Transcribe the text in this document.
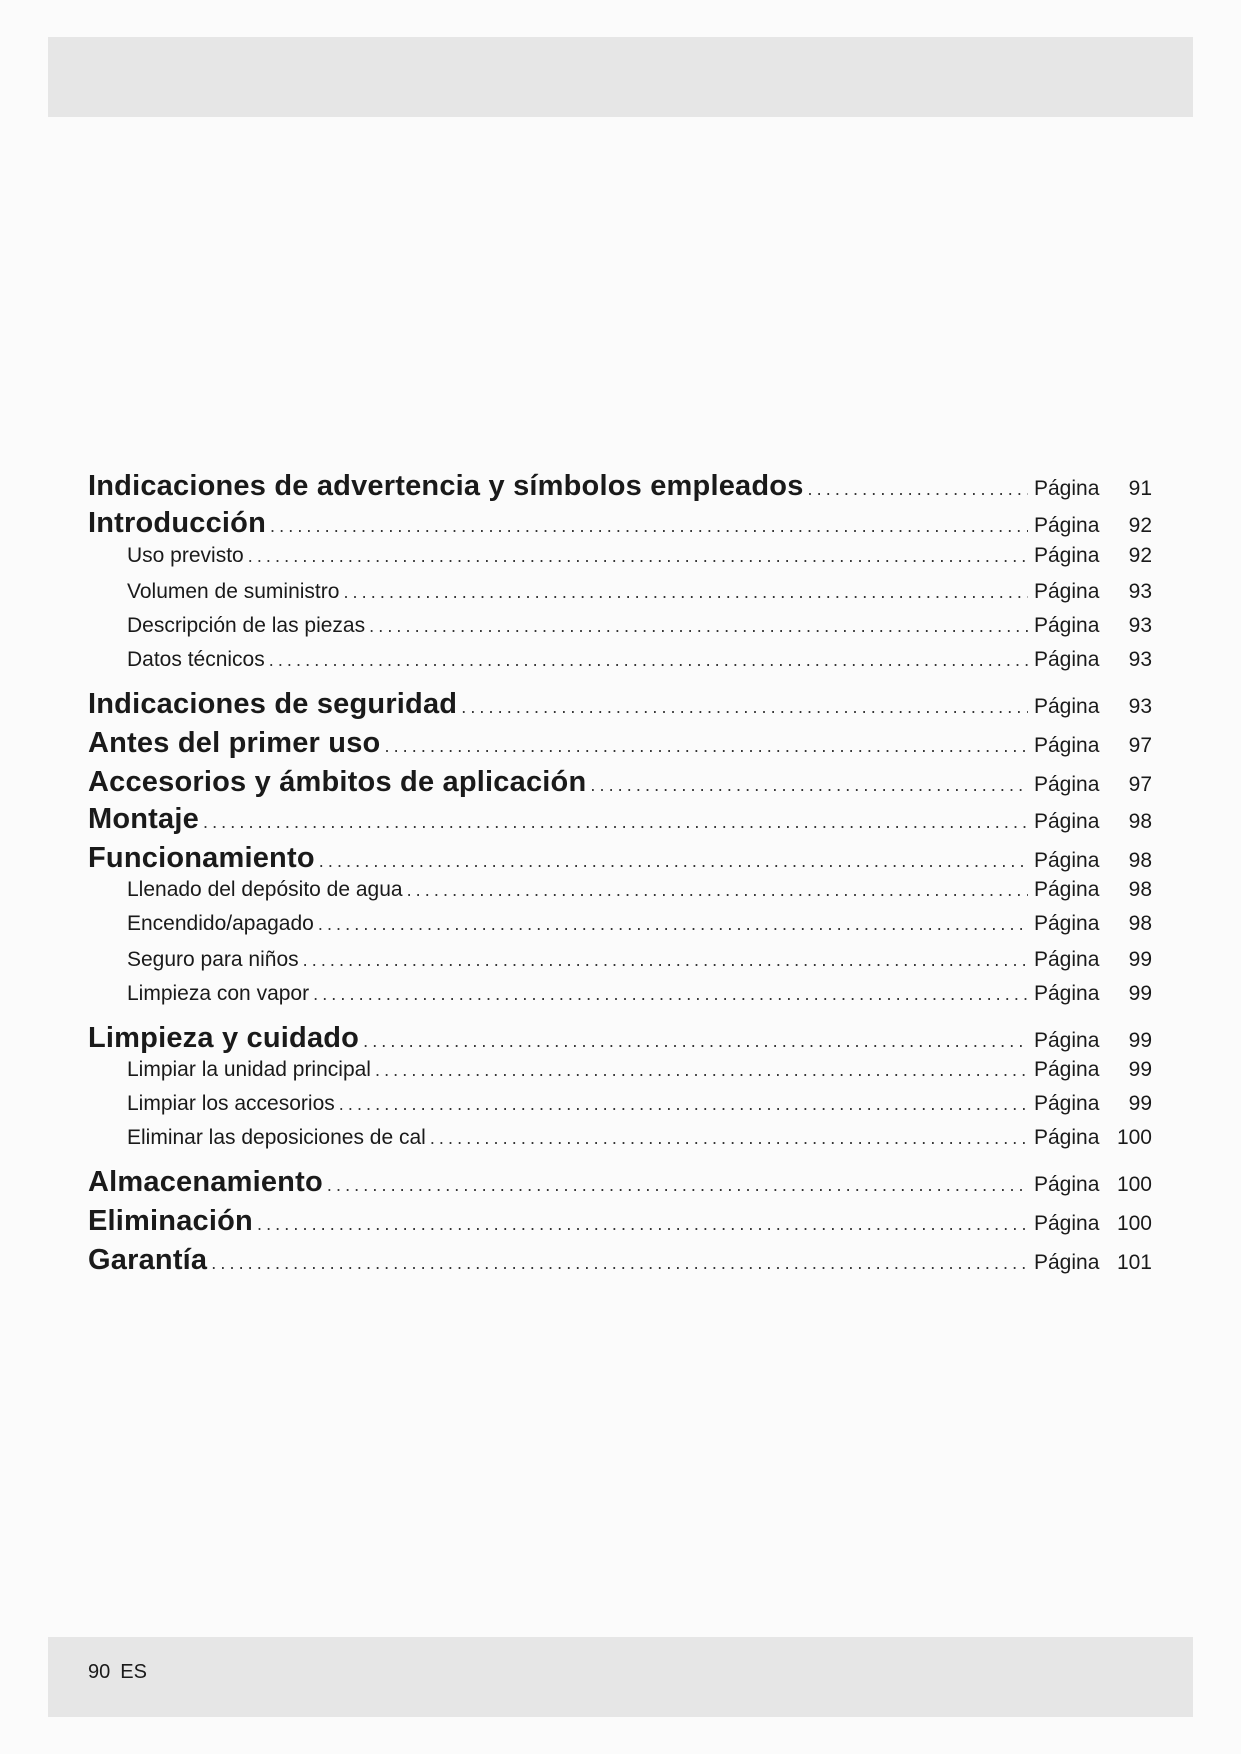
Indicaciones de advertencia y símbolos empleados .....	Página	91
Introducción .....	Página	92
Uso previsto .....	Página	92
Volumen de suministro .....	Página	93
Descripción de las piezas .....	Página	93
Datos técnicos .....	Página	93
Indicaciones de seguridad .....	Página	93
Antes del primer uso .....	Página	97
Accesorios y ámbitos de aplicación .....	Página	97
Montaje .....	Página	98
Funcionamiento .....	Página	98
Llenado del depósito de agua .....	Página	98
Encendido/apagado .....	Página	98
Seguro para niños .....	Página	99
Limpieza con vapor .....	Página	99
Limpieza y cuidado .....	Página	99
Limpiar la unidad principal .....	Página	99
Limpiar los accesorios .....	Página	99
Eliminar las deposiciones de cal .....	Página 100
Almacenamiento .....	Página 100
Eliminación .....	Página 100
Garantía .....	Página 101
90 ES
